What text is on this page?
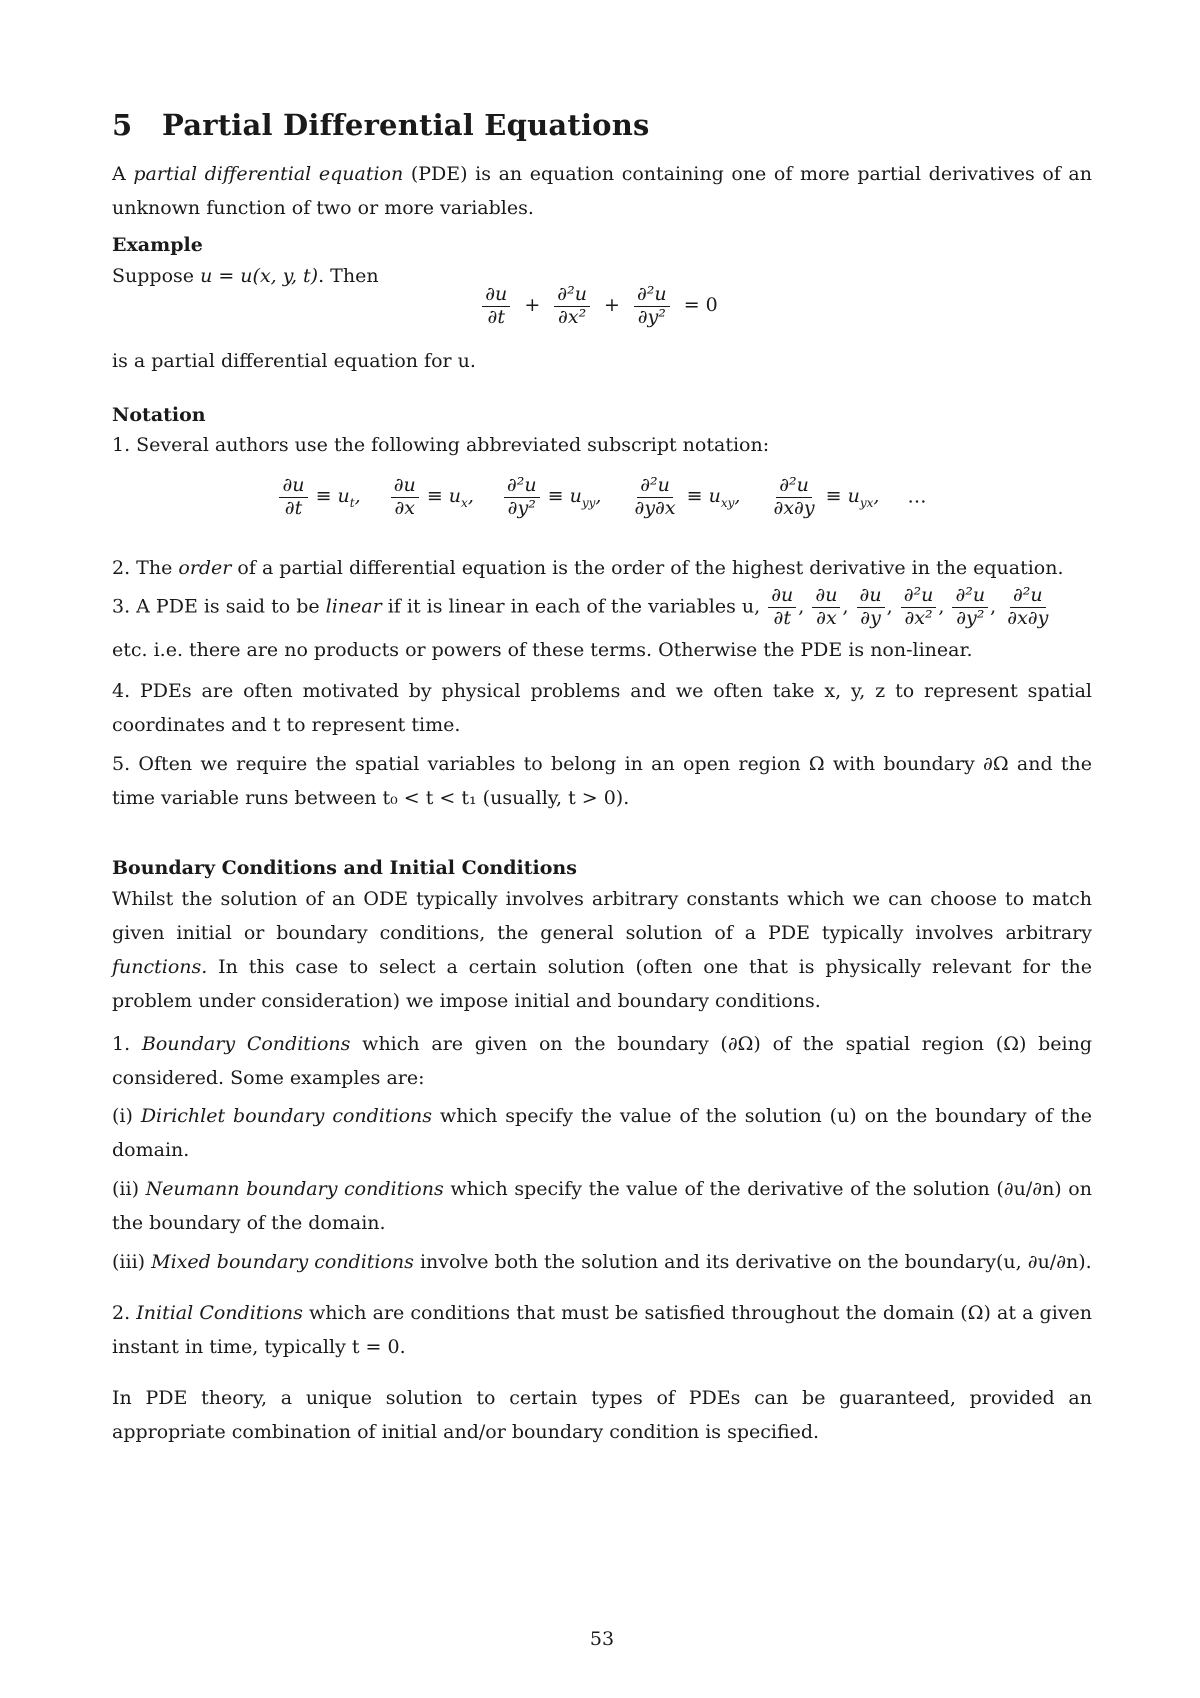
5 Partial Differential Equations
A partial differential equation (PDE) is an equation containing one of more partial derivatives of an unknown function of two or more variables.
Example
Suppose u = u(x, y, t). Then
$\frac{\partial u}{\partial t} + \frac{\text{∂²u}}{\text{∂x²}} + \frac{\text{∂²u}}{\text{∂y²}} = 0$
is a partial differential equation for u.
Notation
1. Several authors use the following abbreviated subscript notation:
$\frac{\partial u}{\partial t} \equiv u_t$, $\frac{\partial u}{\partial x} \equiv u_x$, $\frac{\text{∂²u}}{\text{∂y²}} \equiv u_{yy}$, $\frac{\text{∂²u}}{\partial y\partial x} \equiv u_{xy}$, $\frac{\text{∂²u}}{\partial x\partial y} \equiv u_{yx}$, …
2. The order of a partial differential equation is the order of the highest derivative in the equation.
3. A PDE is said to be linear if it is linear in each of the variables u, $\frac{\partial u}{\partial t}$ , $\frac{\partial u}{\partial x}$ , $\frac{\partial u}{\partial y}$ , $\frac{\text{∂²u}}{\text{∂x²}}$ , $\frac{\text{∂²u}}{\text{∂y²}}$ , $\frac{\text{∂²u}}{\partial x\partial y}$
etc. i.e. there are no products or powers of these terms. Otherwise the PDE is non-linear.
4. PDEs are often motivated by physical problems and we often take x, y, z to represent spatial coordinates and t to represent time.
5. Often we require the spatial variables to belong in an open region Ω with boundary ∂Ω and the time variable runs between t₀ < t < t₁ (usually, t > 0).
Boundary Conditions and Initial Conditions
Whilst the solution of an ODE typically involves arbitrary constants which we can choose to match given initial or boundary conditions, the general solution of a PDE typically involves arbitrary functions. In this case to select a certain solution (often one that is physically relevant for the problem under consideration) we impose initial and boundary conditions.
1. Boundary Conditions which are given on the boundary (∂Ω) of the spatial region (Ω) being considered. Some examples are:
(i) Dirichlet boundary conditions which specify the value of the solution (u) on the boundary of the domain.
(ii) Neumann boundary conditions which specify the value of the derivative of the solution (∂u/∂n) on the boundary of the domain.
(iii) Mixed boundary conditions involve both the solution and its derivative on the boundary(u, ∂u/∂n).
2. Initial Conditions which are conditions that must be satisfied throughout the domain (Ω) at a given instant in time, typically t = 0.
In PDE theory, a unique solution to certain types of PDEs can be guaranteed, provided an appropriate combination of initial and/or boundary condition is specified.
53
